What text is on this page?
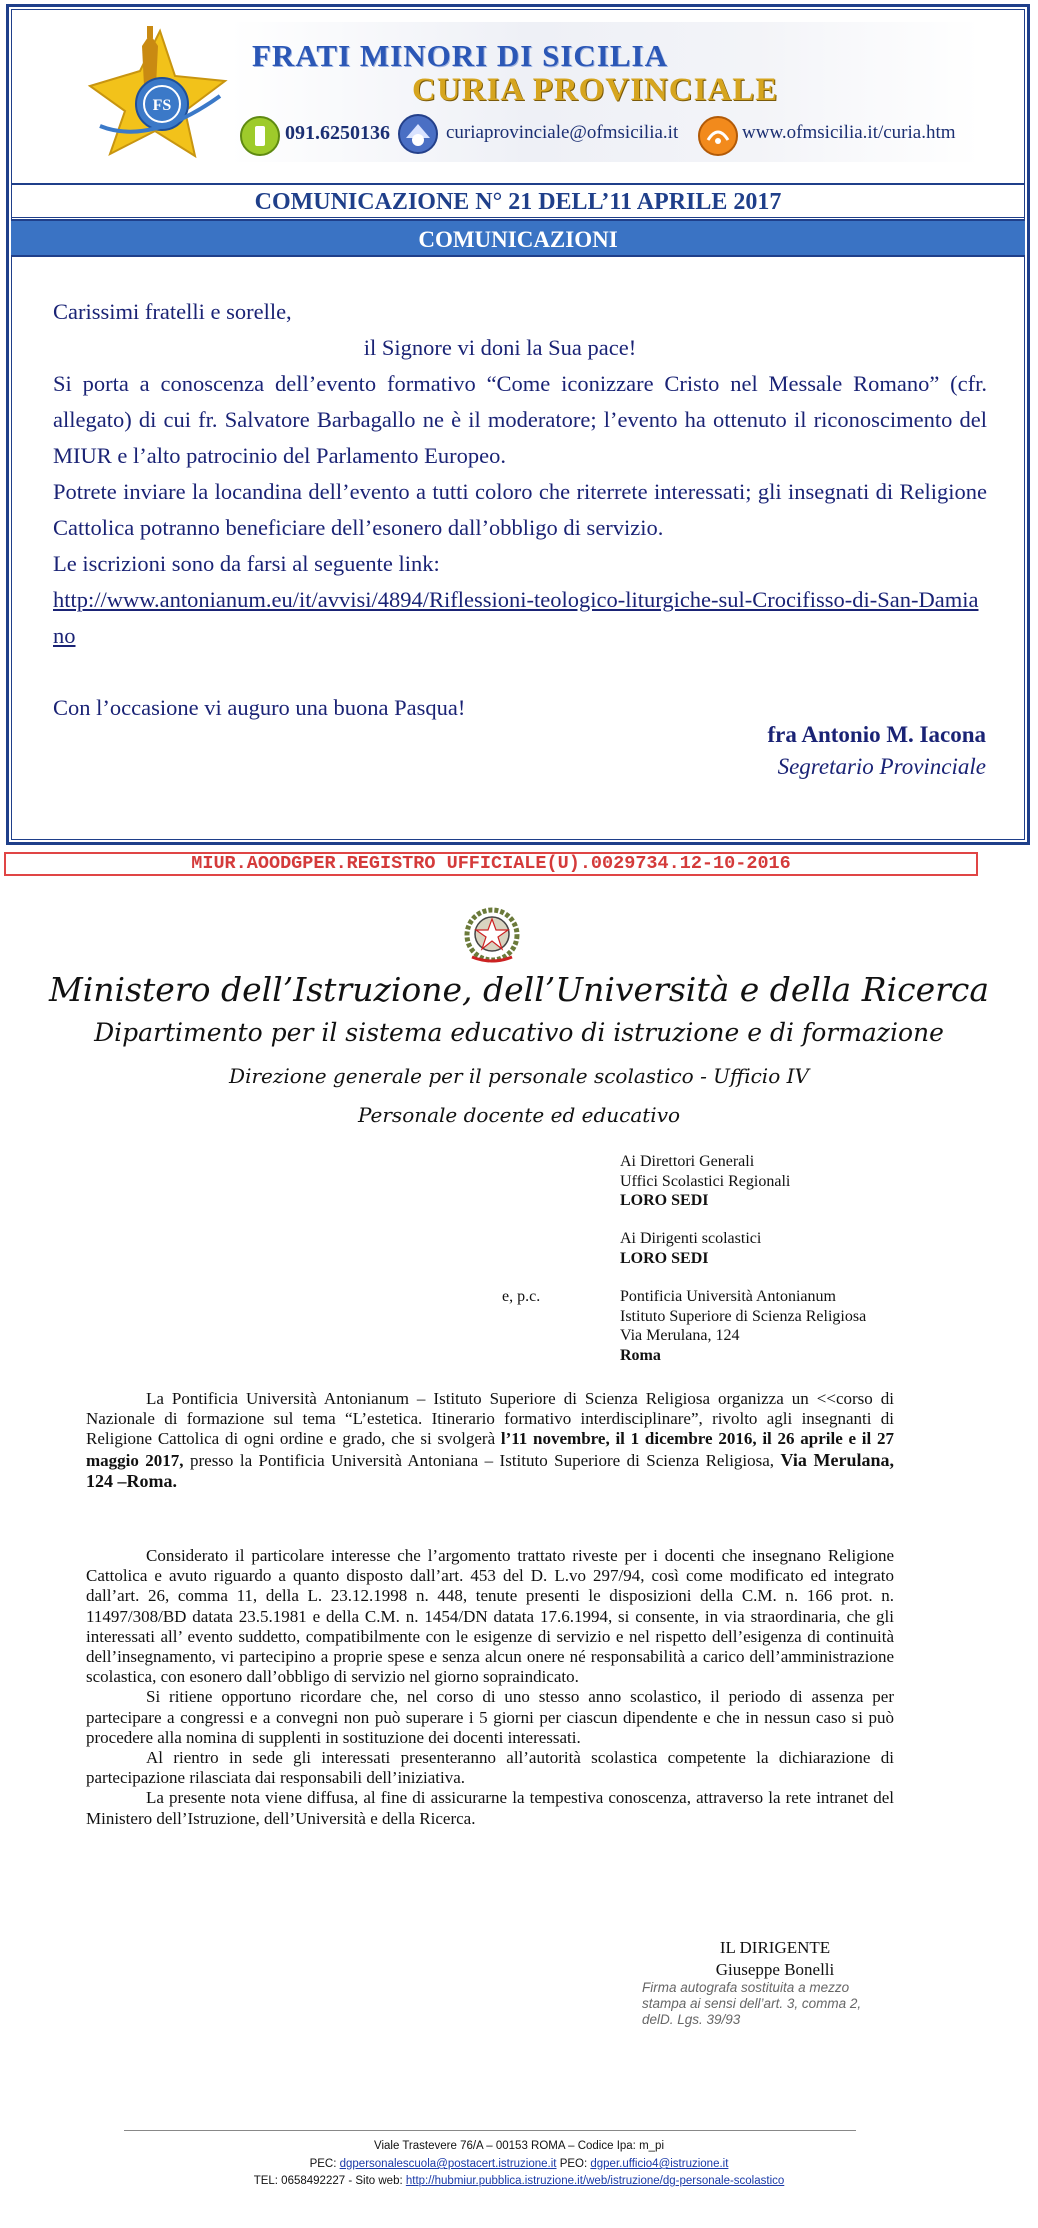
FS
FRATI MINORI DI SICILIA
CURIA PROVINCIALE
091.6250136	curiaprovinciale@ofmsicilia.it	www.ofmsicilia.it/curia.htm
COMUNICAZIONE N° 21 DELL’11 APRILE 2017
COMUNICAZIONI

Carissimi fratelli e sorelle,

il Signore vi doni la Sua pace!

Si porta a conoscenza dell’evento formativo “Come iconizzare Cristo nel Messale Romano” (cfr. allegato) di cui fr. Salvatore Barbagallo ne è il moderatore; l’evento ha ottenuto il riconoscimento del MIUR e l’alto patrocinio del Parlamento Europeo.

Potrete inviare la locandina dell’evento a tutti coloro che riterrete interessati; gli insegnati di Religione Cattolica potranno beneficiare dell’esonero dall’obbligo di servizio.

Le iscrizioni sono da farsi al seguente link:

http://www.antonianum.eu/it/avvisi/4894/Riflessioni-teologico-liturgiche-sul-Crocifisso-di-San-Damiano

Con l’occasione vi auguro una buona Pasqua!

fra Antonio M. Iacona
Segretario Provinciale
MIUR.AOODGPER.REGISTRO UFFICIALE(U).0029734.12-10-2016
Ministero dell’Istruzione, dell’Università e della Ricerca
Dipartimento per il sistema educativo di istruzione e di formazione
Direzione generale per il personale scolastico - Ufficio IV
Personale docente ed educativo
Ai Direttori Generali
Uffici Scolastici Regionali
LORO SEDI
Ai Dirigenti scolastici
LORO SEDI
e, p.c.	Pontificia Università Antonianum
Istituto Superiore di Scienza Religiosa
Via Merulana, 124
Roma

La Pontificia Università Antonianum – Istituto Superiore di Scienza Religiosa organizza un <<corso di Nazionale di formazione sul tema “L’estetica. Itinerario formativo interdisciplinare”, rivolto agli insegnanti di Religione Cattolica di ogni ordine e grado, che si svolgerà l’11 novembre, il 1 dicembre 2016, il 26 aprile e il 27 maggio 2017, presso la Pontificia Università Antoniana – Istituto Superiore di Scienza Religiosa, Via Merulana, 124 –Roma.

Considerato il particolare interesse che l’argomento trattato riveste per i docenti che insegnano Religione Cattolica e avuto riguardo a quanto disposto dall’art. 453 del D. L.vo 297/94, così come modificato ed integrato dall’art. 26, comma 11, della L. 23.12.1998 n. 448, tenute presenti le disposizioni della C.M. n. 166 prot. n. 11497/308/BD datata 23.5.1981 e della C.M. n. 1454/DN datata 17.6.1994, si consente, in via straordinaria, che gli interessati all’ evento suddetto, compatibilmente con le esigenze di servizio e nel rispetto dell’esigenza di continuità dell’insegnamento, vi partecipino a proprie spese e senza alcun onere né responsabilità a carico dell’amministrazione scolastica, con esonero dall’obbligo di servizio nel giorno sopraindicato.

Si ritiene opportuno ricordare che, nel corso di uno stesso anno scolastico, il periodo di assenza per partecipare a congressi e a convegni non può superare i 5 giorni per ciascun dipendente e che in nessun caso si può procedere alla nomina di supplenti in sostituzione dei docenti interessati.

Al rientro in sede gli interessati presenteranno all’autorità scolastica competente la dichiarazione di partecipazione rilasciata dai responsabili dell’iniziativa.

La presente nota viene diffusa, al fine di assicurarne la tempestiva conoscenza, attraverso la rete intranet del Ministero dell’Istruzione, dell’Università e della Ricerca.

IL DIRIGENTE
Giuseppe Bonelli
Firma autografa sostituita a mezzo stampa ai sensi dell’art. 3, comma 2, delD. Lgs. 39/93
Viale Trastevere 76/A – 00153 ROMA – Codice Ipa: m_pi
PEC: dgpersonalescuola@postacert.istruzione.it PEO: dgper.ufficio4@istruzione.it
TEL: 0658492227 - Sito web: http://hubmiur.pubblica.istruzione.it/web/istruzione/dg-personale-scolastico
